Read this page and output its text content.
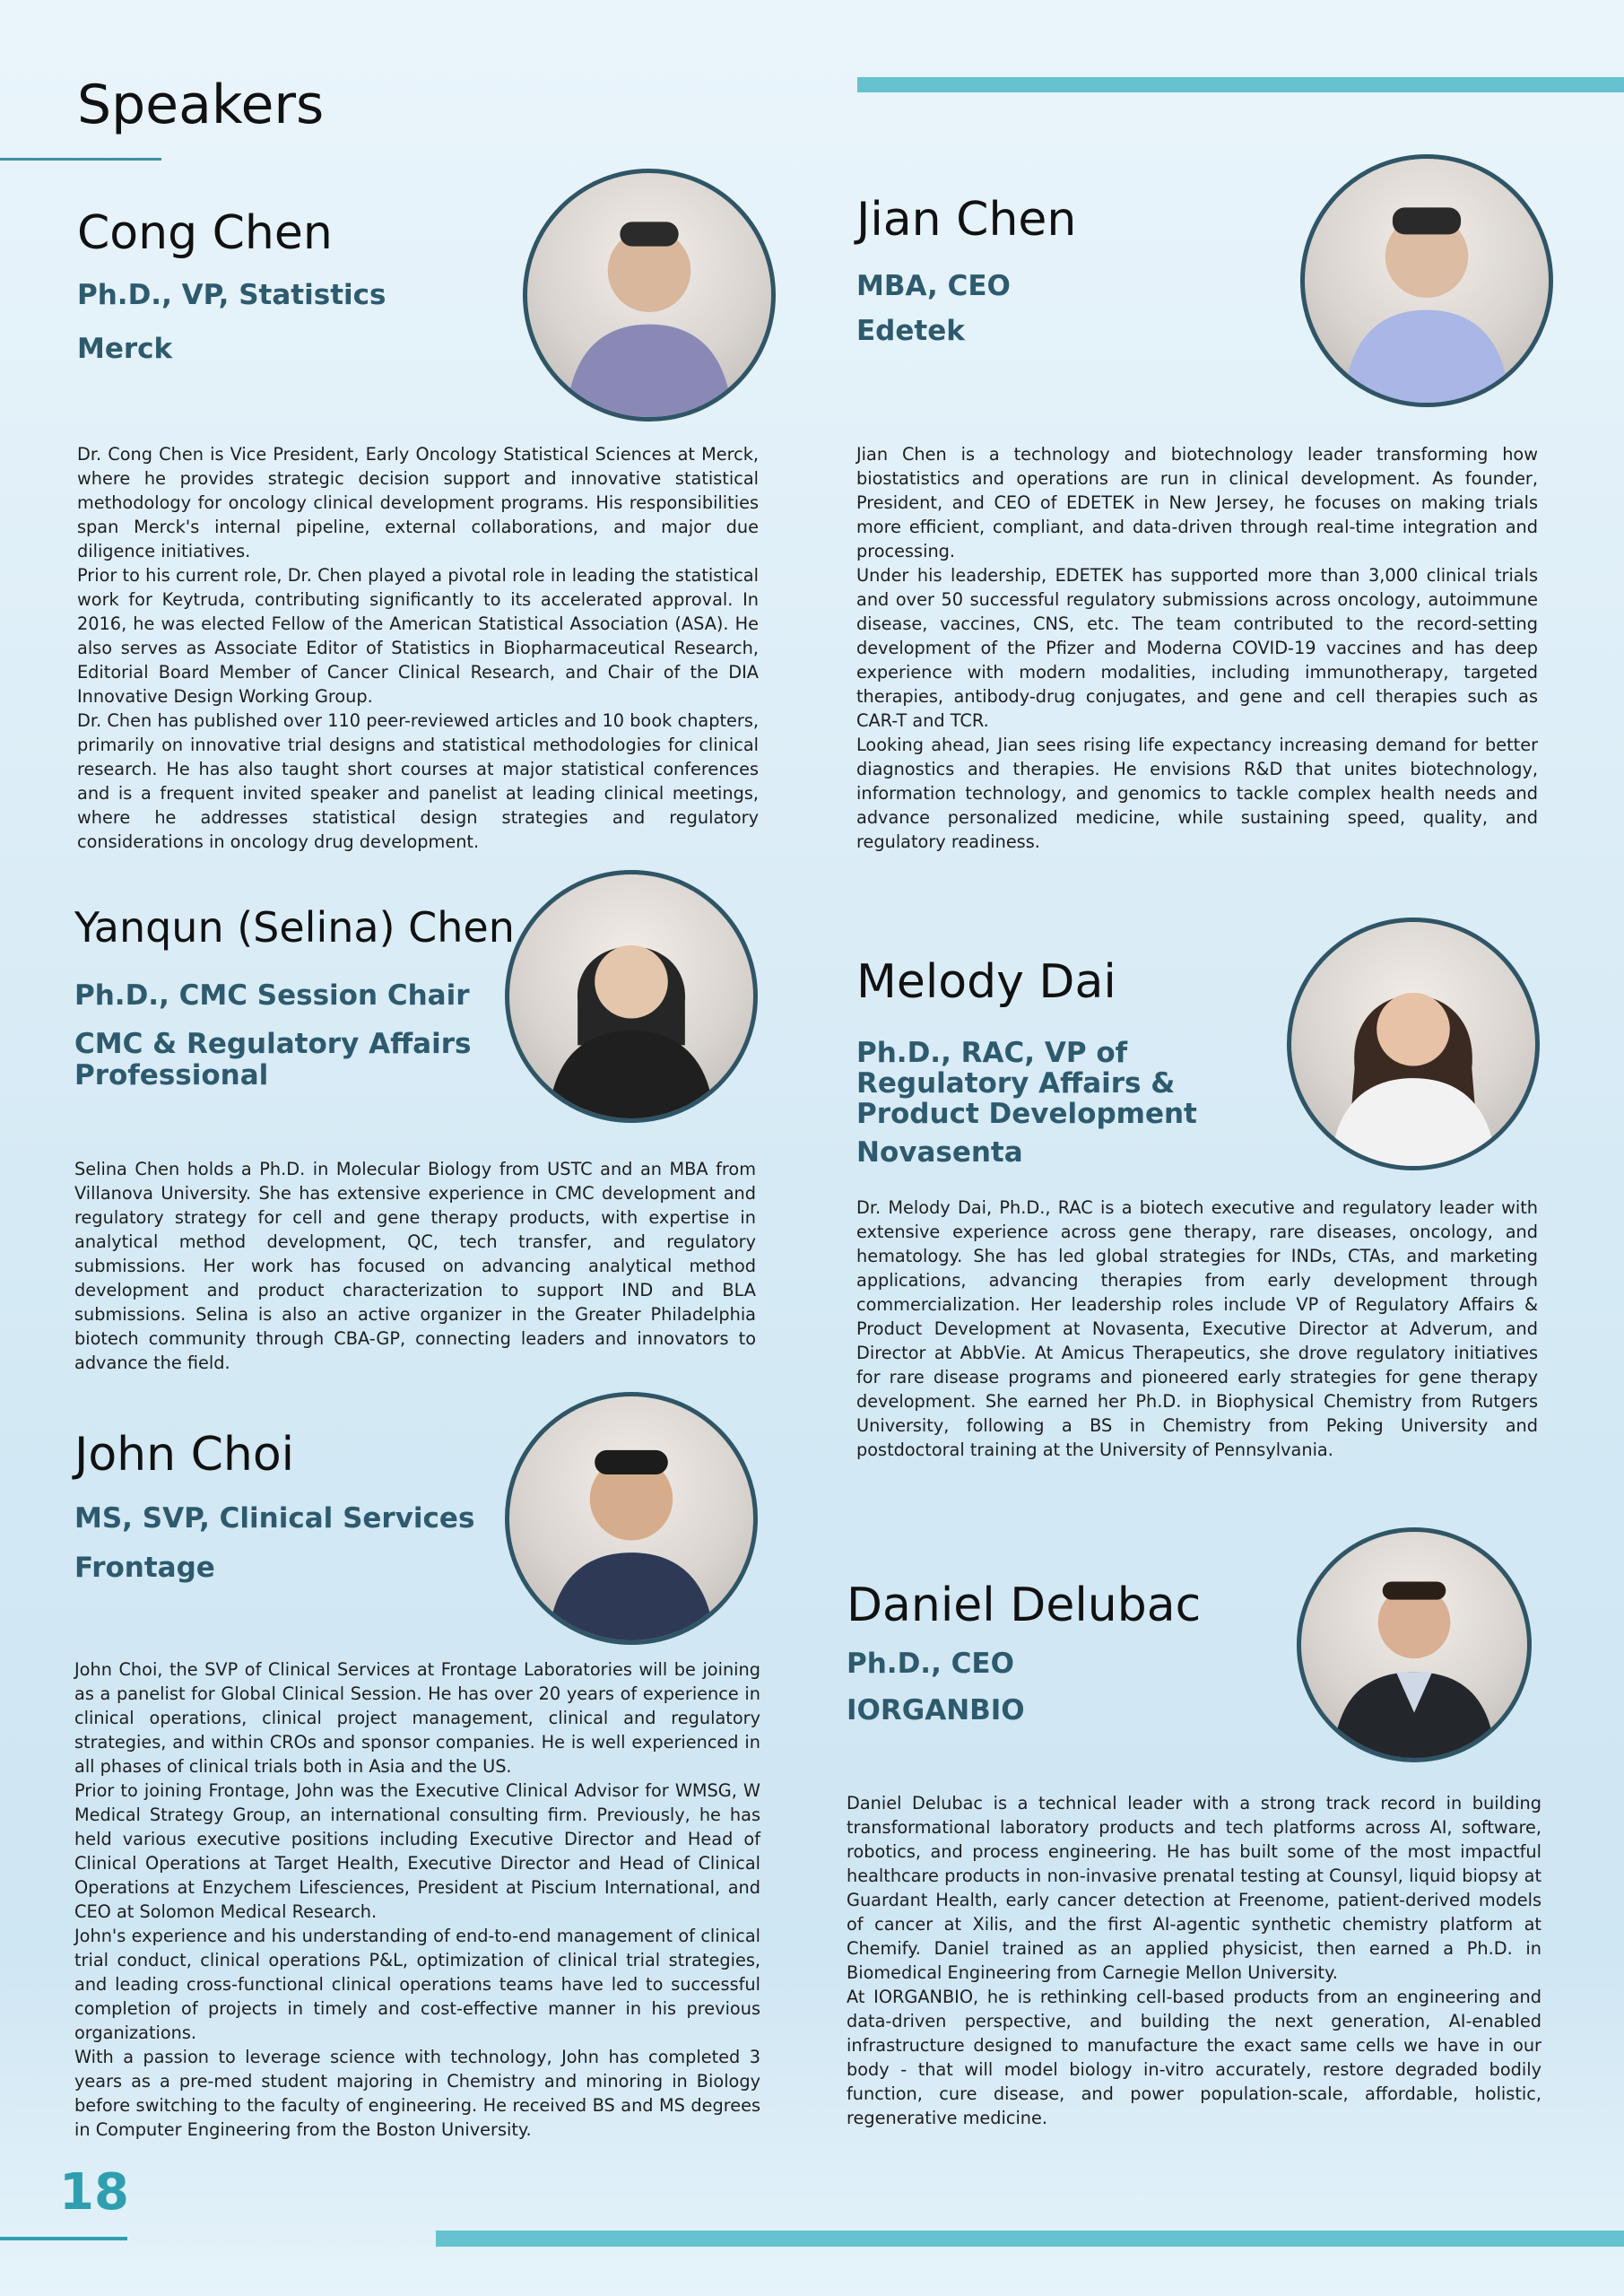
Speakers
Cong Chen

Ph.D., VP, Statistics

Merck

Dr. Cong Chen is Vice President, Early Oncology Statistical Sciences at Merck, where he provides strategic decision support and innovative statistical methodology for oncology clinical development programs. His responsibilities span Merck's internal pipeline, external collaborations, and major due diligence initiatives.

Prior to his current role, Dr. Chen played a pivotal role in leading the statistical work for Keytruda, contributing significantly to its accelerated approval. In 2016, he was elected Fellow of the American Statistical Association (ASA). He also serves as Associate Editor of Statistics in Biopharmaceutical Research, Editorial Board Member of Cancer Clinical Research, and Chair of the DIA Innovative Design Working Group.

Dr. Chen has published over 110 peer-reviewed articles and 10 book chapters, primarily on innovative trial designs and statistical methodologies for clinical research. He has also taught short courses at major statistical conferences and is a frequent invited speaker and panelist at leading clinical meetings, where he addresses statistical design strategies and regulatory considerations in oncology drug development.

Jian Chen

MBA, CEO

Edetek

Jian Chen is a technology and biotechnology leader transforming how biostatistics and operations are run in clinical development. As founder, President, and CEO of EDETEK in New Jersey, he focuses on making trials more efficient, compliant, and data-driven through real-time integration and processing.

Under his leadership, EDETEK has supported more than 3,000 clinical trials and over 50 successful regulatory submissions across oncology, autoimmune disease, vaccines, CNS, etc. The team contributed to the record-setting development of the Pfizer and Moderna COVID-19 vaccines and has deep experience with modern modalities, including immunotherapy, targeted therapies, antibody-drug conjugates, and gene and cell therapies such as CAR-T and TCR.

Looking ahead, Jian sees rising life expectancy increasing demand for better diagnostics and therapies. He envisions R&D that unites biotechnology, information technology, and genomics to tackle complex health needs and advance personalized medicine, while sustaining speed, quality, and regulatory readiness.

Yanqun (Selina) Chen

Ph.D., CMC Session Chair

CMC & Regulatory Affairs Professional

Selina Chen holds a Ph.D. in Molecular Biology from USTC and an MBA from Villanova University. She has extensive experience in CMC development and regulatory strategy for cell and gene therapy products, with expertise in analytical method development, QC, tech transfer, and regulatory submissions. Her work has focused on advancing analytical method development and product characterization to support IND and BLA submissions. Selina is also an active organizer in the Greater Philadelphia biotech community through CBA-GP, connecting leaders and innovators to advance the field.

Melody Dai

Ph.D., RAC, VP of Regulatory Affairs & Product Development

Novasenta

Dr. Melody Dai, Ph.D., RAC is a biotech executive and regulatory leader with extensive experience across gene therapy, rare diseases, oncology, and hematology. She has led global strategies for INDs, CTAs, and marketing applications, advancing therapies from early development through commercialization. Her leadership roles include VP of Regulatory Affairs & Product Development at Novasenta, Executive Director at Adverum, and Director at AbbVie. At Amicus Therapeutics, she drove regulatory initiatives for rare disease programs and pioneered early strategies for gene therapy development. She earned her Ph.D. in Biophysical Chemistry from Rutgers University, following a BS in Chemistry from Peking University and postdoctoral training at the University of Pennsylvania.

John Choi

MS, SVP, Clinical Services

Frontage

John Choi, the SVP of Clinical Services at Frontage Laboratories will be joining as a panelist for Global Clinical Session. He has over 20 years of experience in clinical operations, clinical project management, clinical and regulatory strategies, and within CROs and sponsor companies. He is well experienced in all phases of clinical trials both in Asia and the US.

Prior to joining Frontage, John was the Executive Clinical Advisor for WMSG, W Medical Strategy Group, an international consulting firm. Previously, he has held various executive positions including Executive Director and Head of Clinical Operations at Target Health, Executive Director and Head of Clinical Operations at Enzychem Lifesciences, President at Piscium International, and CEO at Solomon Medical Research.

John's experience and his understanding of end-to-end management of clinical trial conduct, clinical operations P&L, optimization of clinical trial strategies, and leading cross-functional clinical operations teams have led to successful completion of projects in timely and cost-effective manner in his previous organizations.

With a passion to leverage science with technology, John has completed 3 years as a pre-med student majoring in Chemistry and minoring in Biology before switching to the faculty of engineering. He received BS and MS degrees in Computer Engineering from the Boston University.

Daniel Delubac

Ph.D., CEO

IORGANBIO

Daniel Delubac is a technical leader with a strong track record in building transformational laboratory products and tech platforms across AI, software, robotics, and process engineering. He has built some of the most impactful healthcare products in non-invasive prenatal testing at Counsyl, liquid biopsy at Guardant Health, early cancer detection at Freenome, patient-derived models of cancer at Xilis, and the first AI-agentic synthetic chemistry platform at Chemify. Daniel trained as an applied physicist, then earned a Ph.D. in Biomedical Engineering from Carnegie Mellon University.

At IORGANBIO, he is rethinking cell-based products from an engineering and data-driven perspective, and building the next generation, AI-enabled infrastructure designed to manufacture the exact same cells we have in our body - that will model biology in-vitro accurately, restore degraded bodily function, cure disease, and power population-scale, affordable, holistic, regenerative medicine.

18
